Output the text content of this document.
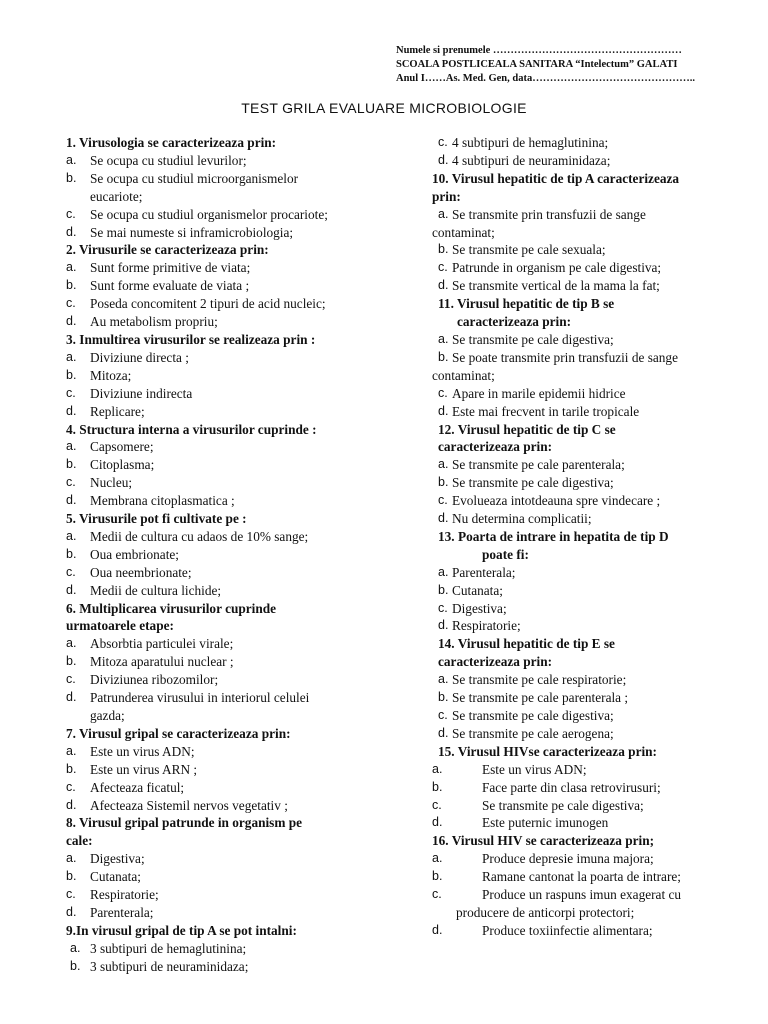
Numele si prenumele ………………………………………………
SCOALA POSTLICEALA SANITARA “Intelectum” GALATI
Anul I……As. Med. Gen, data………………………………………..
TEST GRILA EVALUARE MICROBIOLOGIE
1. Virusologia se caracterizeaza prin:
a. Se ocupa cu studiul levurilor;
b. Se ocupa cu studiul microorganismelor
eucariote;
c. Se ocupa cu studiul organismelor procariote;
d. Se mai numeste si inframicrobiologia;
2. Virusurile se caracterizeaza prin:
a. Sunt forme primitive de viata;
b. Sunt forme evaluate de viata ;
c. Poseda concomitent 2 tipuri de acid nucleic;
d. Au metabolism propriu;
3. Inmultirea virusurilor se realizeaza prin :
a. Diviziune directa ;
b. Mitoza;
c. Diviziune indirecta
d. Replicare;
4. Structura interna a virusurilor cuprinde :
a. Capsomere;
b. Citoplasma;
c. Nucleu;
d. Membrana citoplasmatica ;
5. Virusurile pot fi cultivate pe :
a. Medii de cultura cu adaos de 10% sange;
b. Oua embrionate;
c. Oua neembrionate;
d. Medii de cultura lichide;
6. Multiplicarea virusurilor cuprinde
urmatoarele etape:
a. Absorbtia particulei virale;
b. Mitoza aparatului nuclear ;
c. Diviziunea ribozomilor;
d. Patrunderea virusului in interiorul celulei
gazda;
7. Virusul gripal se caracterizeaza prin:
a. Este un virus ADN;
b. Este un virus ARN ;
c. Afecteaza ficatul;
d. Afecteaza Sistemil nervos vegetativ ;
8. Virusul gripal patrunde in organism pe
cale:
a. Digestiva;
b. Cutanata;
c. Respiratorie;
d. Parenterala;
9.In virusul gripal de tip A se pot intalni:
a. 3 subtipuri de hemaglutinina;
b. 3 subtipuri de neuraminidaza;
c. 4 subtipuri de hemaglutinina;
d. 4 subtipuri de neuraminidaza;
10. Virusul hepatitic de tip A caracterizeaza
prin:
a. Se transmite prin transfuzii de sange
contaminat;
b. Se transmite pe cale sexuala;
c. Patrunde in organism pe cale digestiva;
d. Se transmite vertical de la mama la fat;
11. Virusul hepatitic de tip B se
caracterizeaza prin:
a. Se transmite pe cale digestiva;
b. Se poate transmite prin transfuzii de sange
contaminat;
c. Apare in marile epidemii hidrice
d. Este mai frecvent in tarile tropicale
12. Virusul hepatitic de tip C se
caracterizeaza prin:
a. Se transmite pe cale parenterala;
b. Se transmite pe cale digestiva;
c. Evolueaza intotdeauna spre vindecare ;
d. Nu determina complicatii;
13. Poarta de intrare in hepatita de tip D
poate fi:
a. Parenterala;
b. Cutanata;
c. Digestiva;
d. Respiratorie;
14. Virusul hepatitic de tip E se
caracterizeaza prin:
a. Se transmite pe cale respiratorie;
b. Se transmite pe cale parenterala ;
c. Se transmite pe cale digestiva;
d. Se transmite pe cale aerogena;
15. Virusul HIVse caracterizeaza prin:
a.	Este un virus ADN;
b.	Face parte din clasa retrovirusuri;
c.	Se transmite pe cale digestiva;
d.	Este puternic imunogen
16. Virusul HIV se caracterizeaza prin;
a.	Produce depresie imuna majora;
b.	Ramane cantonat la poarta de intrare;
c.	Produce un raspuns imun exagerat cu
producere de anticorpi protectori;
d.	Produce toxiinfectie alimentara;
